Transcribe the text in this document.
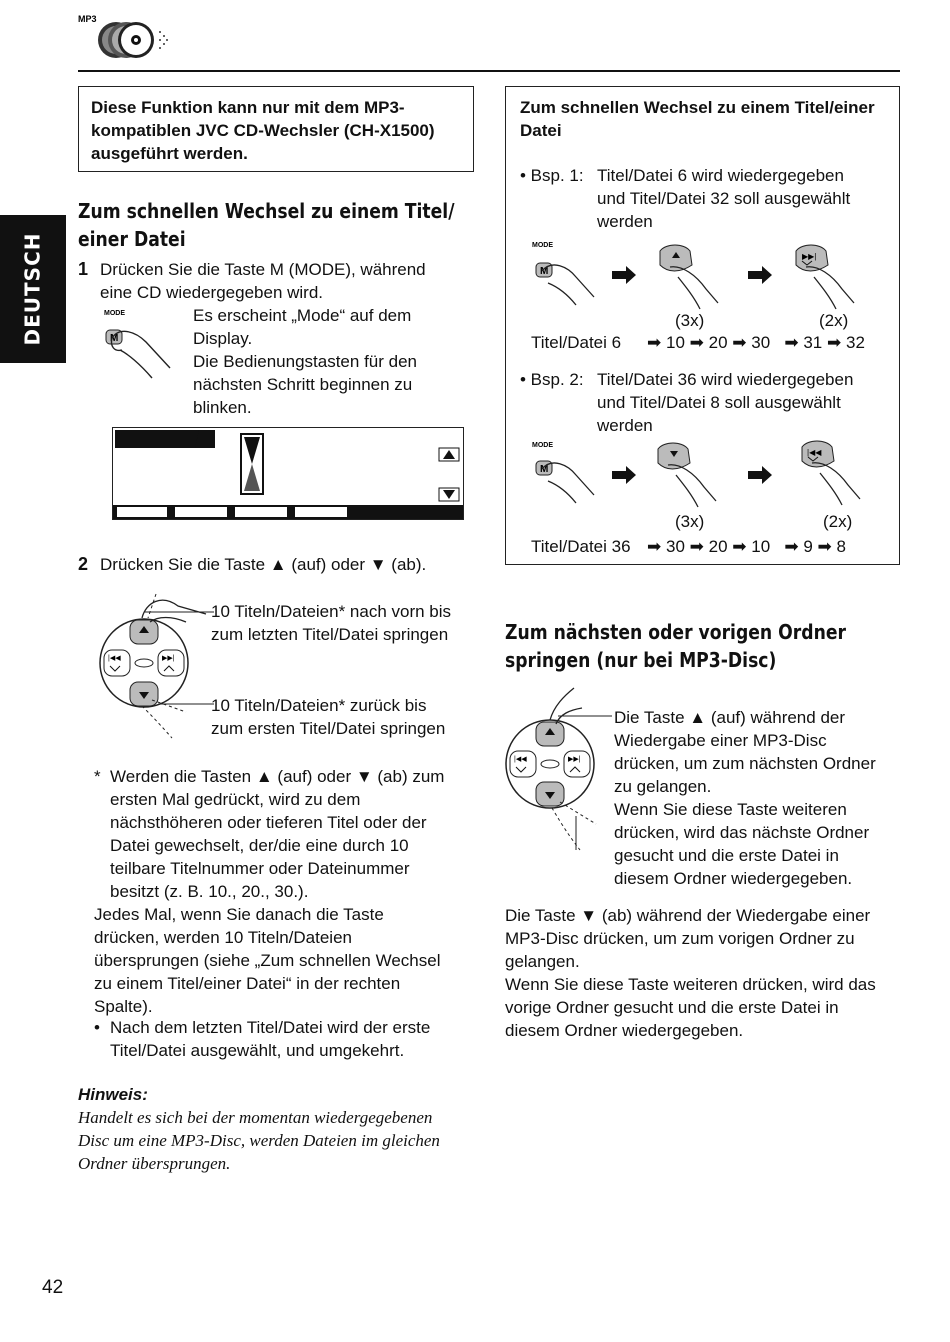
MP3
DEUTSCH
Diese Funktion kann nur mit dem MP3-
kompatiblen JVC CD-Wechsler (CH-X1500)
ausgeführt werden.
Zum schnellen Wechsel zu einem Titel/
einer Datei
1 Drücken Sie die Taste M (MODE), während
eine CD wiedergegeben wird.
MODE
M
Es erscheint „Mode“ auf dem
Display.
Die Bedienungstasten für den
nächsten Schritt beginnen zu
blinken.
2 Drücken Sie die Taste ▲ (auf) oder ▼ (ab).
|◀◀	▶▶|
10 Titeln/Dateien* nach vorn bis
zum letzten Titel/Datei springen
10 Titeln/Dateien* zurück bis
zum ersten Titel/Datei springen
* Werden die Tasten ▲ (auf) oder ▼ (ab) zum
ersten Mal gedrückt, wird zu dem
nächsthöheren oder tieferen Titel oder der
Datei gewechselt, der/die eine durch 10
teilbare Titelnummer oder Dateinummer
besitzt (z. B. 10., 20., 30.).
Jedes Mal, wenn Sie danach die Taste
drücken, werden 10 Titeln/Dateien
übersprungen (siehe „Zum schnellen Wechsel
zu einem Titel/einer Datei“ in der rechten
Spalte).
• Nach dem letzten Titel/Datei wird der erste
Titel/Datei ausgewählt, und umgekehrt.
Hinweis:
Handelt es sich bei der momentan wiedergegebenen
Disc um eine MP3-Disc, werden Dateien im gleichen
Ordner übersprungen.
Zum schnellen Wechsel zu einem Titel/einer
Datei
• Bsp. 1: Titel/Datei 6 wird wiedergegeben
und Titel/Datei 32 soll ausgewählt
werden
MODE
M
▶▶|
(3x)	(2x)
Titel/Datei 6 ➡ 10 ➡ 20 ➡ 30 ➡ 31 ➡ 32
• Bsp. 2: Titel/Datei 36 wird wiedergegeben
und Titel/Datei 8 soll ausgewählt
werden
MODE
M
|◀◀
(3x)	(2x)
Titel/Datei 36 ➡ 30 ➡ 20 ➡ 10 ➡ 9 ➡ 8
Zum nächsten oder vorigen Ordner
springen (nur bei MP3-Disc)
|◀◀	▶▶|
Die Taste ▲ (auf) während der
Wiedergabe einer MP3-Disc
drücken, um zum nächsten Ordner
zu gelangen.
Wenn Sie diese Taste weiteren
drücken, wird das nächste Ordner
gesucht und die erste Datei in
diesem Ordner wiedergegeben.
Die Taste ▼ (ab) während der Wiedergabe einer
MP3-Disc drücken, um zum vorigen Ordner zu
gelangen.
Wenn Sie diese Taste weiteren drücken, wird das
vorige Ordner gesucht und die erste Datei in
diesem Ordner wiedergegeben.
42
